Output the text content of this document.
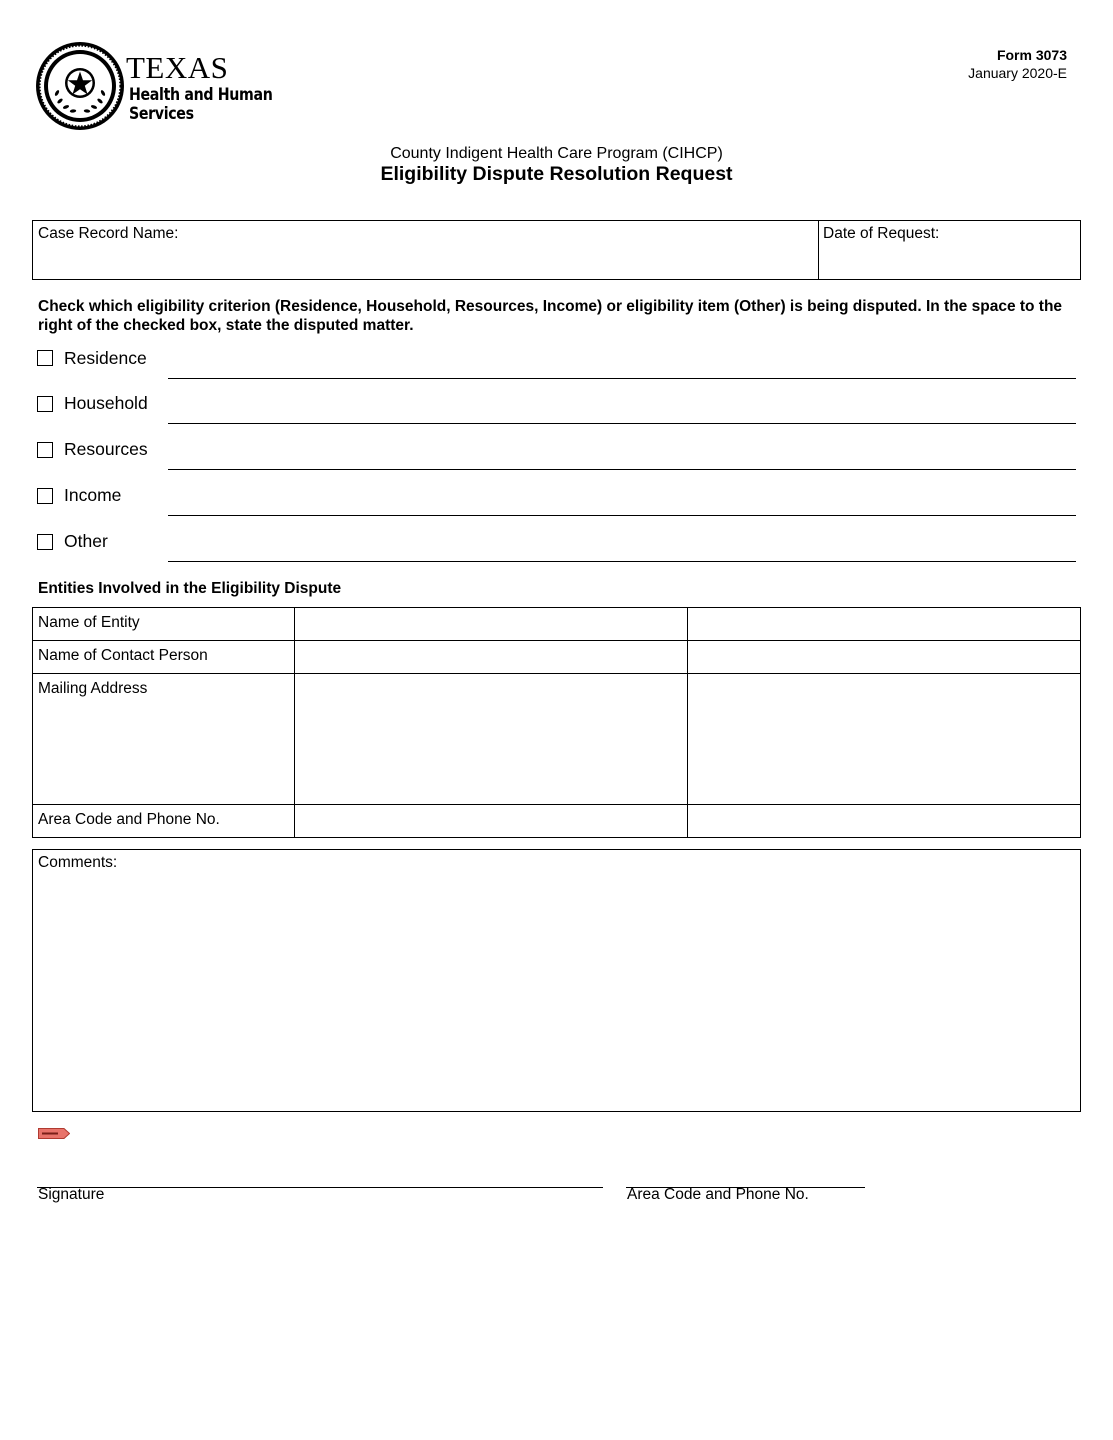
TEXAS
Health and Human
Services
Form 3073
January 2020-E
County Indigent Health Care Program (CIHCP)
Eligibility Dispute Resolution Request
Case Record Name:	Date of Request:
Check which eligibility criterion (Residence, Household, Resources, Income) or eligibility item (Other) is being disputed. In the space to the right of the checked box, state the disputed matter.
Residence
Household
Resources
Income
Other
Entities Involved in the Eligibility Dispute
Name of Entity		
Name of Contact Person		
Mailing Address		
Area Code and Phone No.		
Comments:
Signature	Area Code and Phone No.
